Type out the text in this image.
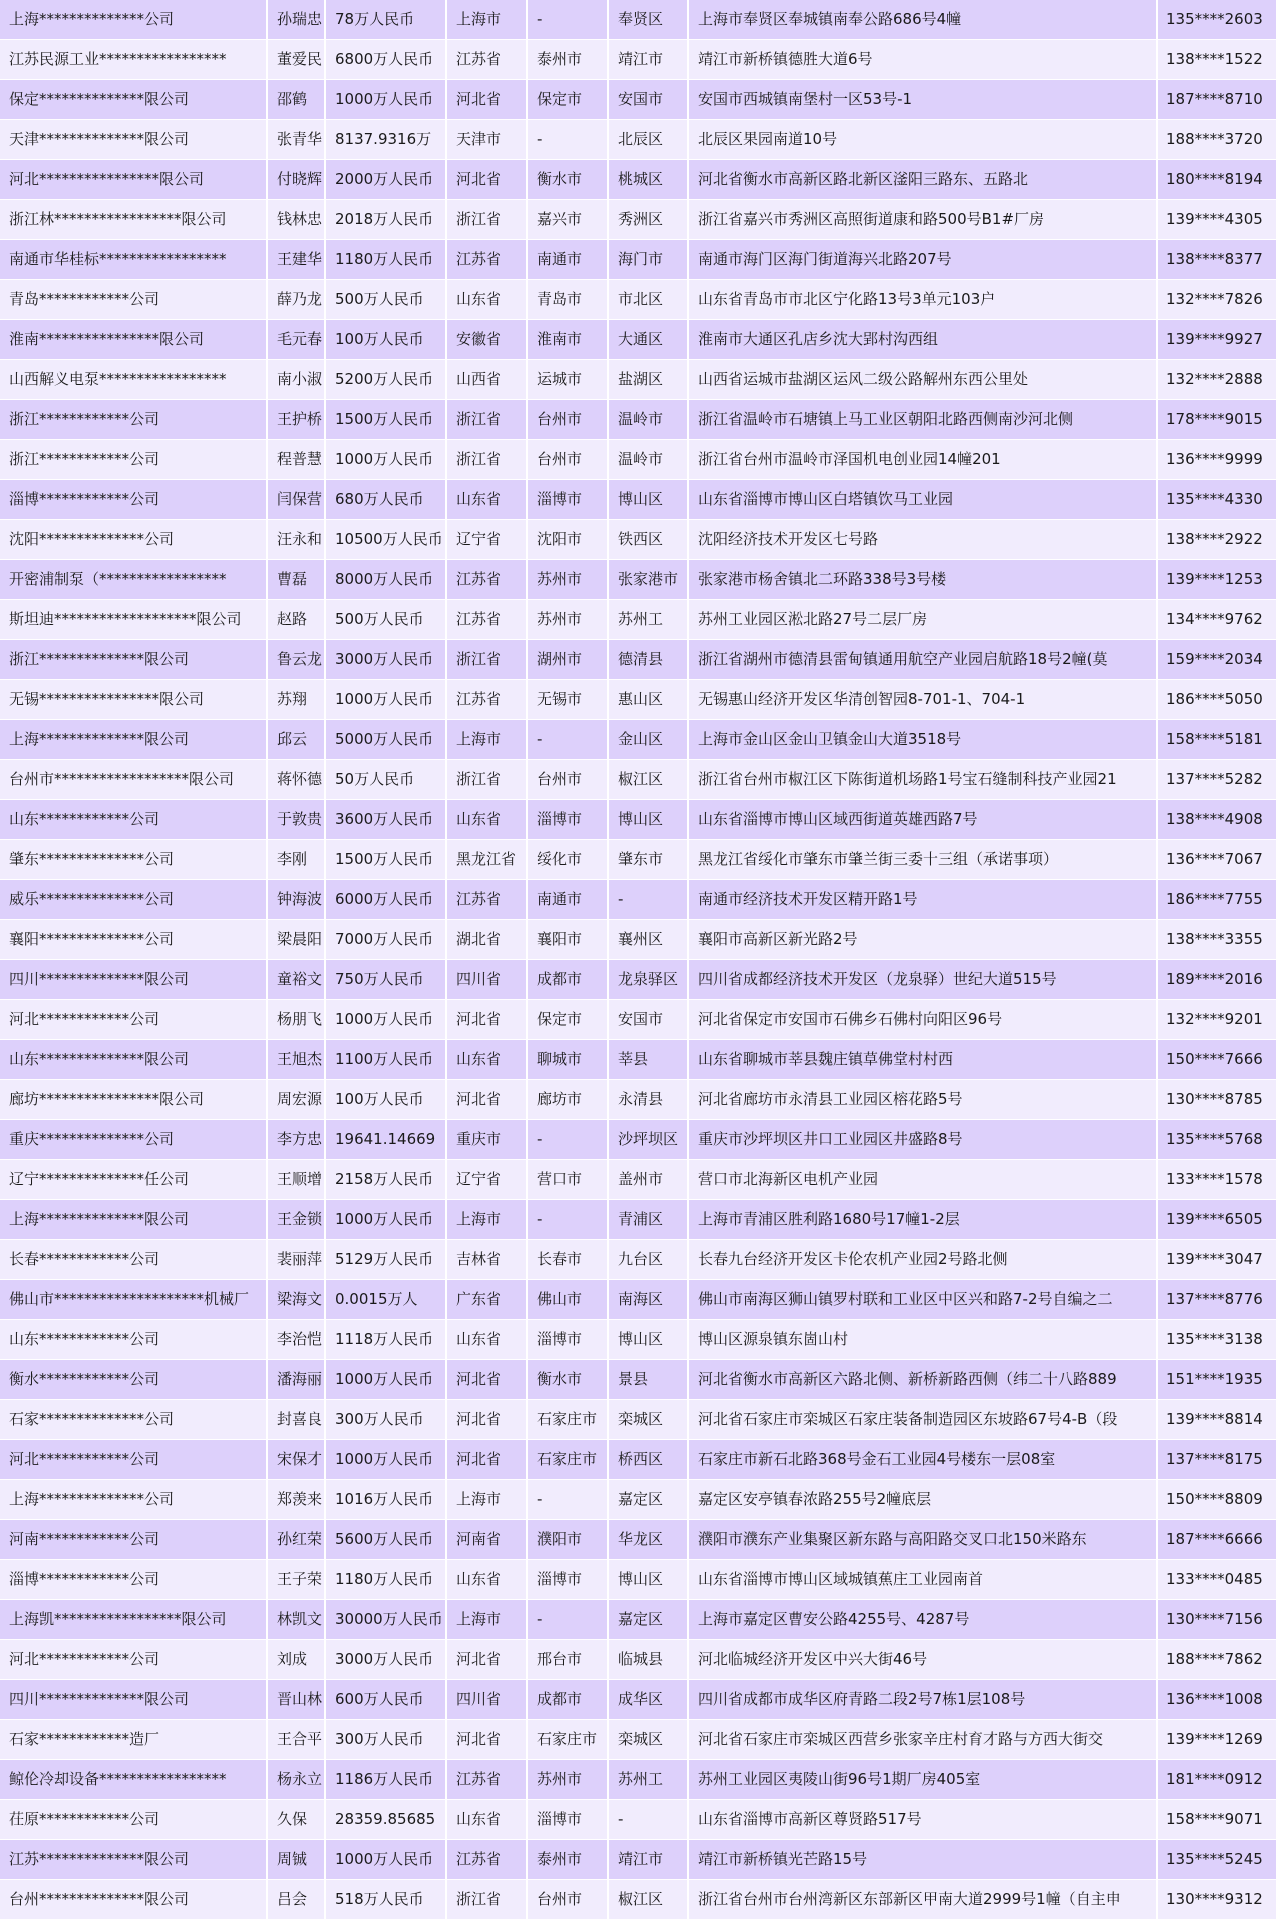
上海**************公司	孙瑞忠	78万人民币	上海市	-	奉贤区	上海市奉贤区奉城镇南奉公路686号4幢	135****2603
江苏民源工业*****************	董爱民	6800万人民币	江苏省	泰州市	靖江市	靖江市新桥镇德胜大道6号	138****1522
保定**************限公司	邵鹤	1000万人民币	河北省	保定市	安国市	安国市西城镇南堡村一区53号-1	187****8710
天津**************限公司	张青华	8137.9316万	天津市	-	北辰区	北辰区果园南道10号	188****3720
河北****************限公司	付晓辉	2000万人民币	河北省	衡水市	桃城区	河北省衡水市高新区路北新区滏阳三路东、五路北	180****8194
浙江林*****************限公司	钱林忠	2018万人民币	浙江省	嘉兴市	秀洲区	浙江省嘉兴市秀洲区高照街道康和路500号B1#厂房	139****4305
南通市华桂标*****************	王建华	1180万人民币	江苏省	南通市	海门市	南通市海门区海门街道海兴北路207号	138****8377
青岛************公司	薛乃龙	500万人民币	山东省	青岛市	市北区	山东省青岛市市北区宁化路13号3单元103户	132****7826
淮南****************限公司	毛元春	100万人民币	安徽省	淮南市	大通区	淮南市大通区孔店乡沈大郢村沟西组	139****9927
山西解义电泵*****************	南小淑	5200万人民币	山西省	运城市	盐湖区	山西省运城市盐湖区运风二级公路解州东西公里处	132****2888
浙江************公司	王护桥	1500万人民币	浙江省	台州市	温岭市	浙江省温岭市石塘镇上马工业区朝阳北路西侧南沙河北侧	178****9015
浙江************公司	程普慧	1000万人民币	浙江省	台州市	温岭市	浙江省台州市温岭市泽国机电创业园14幢201	136****9999
淄博************公司	闫保营	680万人民币	山东省	淄博市	博山区	山东省淄博市博山区白塔镇饮马工业园	135****4330
沈阳**************公司	汪永和	10500万人民币	辽宁省	沈阳市	铁西区	沈阳经济技术开发区七号路	138****2922
开密浦制泵（*****************	曹磊	8000万人民币	江苏省	苏州市	张家港市	张家港市杨舍镇北二环路338号3号楼	139****1253
斯坦迪*******************限公司	赵路	500万人民币	江苏省	苏州市	苏州工	苏州工业园区淞北路27号二层厂房	134****9762
浙江**************限公司	鲁云龙	3000万人民币	浙江省	湖州市	德清县	浙江省湖州市德清县雷甸镇通用航空产业园启航路18号2幢(莫	159****2034
无锡****************限公司	苏翔	1000万人民币	江苏省	无锡市	惠山区	无锡惠山经济开发区华清创智园8-701-1、704-1	186****5050
上海**************限公司	邱云	5000万人民币	上海市	-	金山区	上海市金山区金山卫镇金山大道3518号	158****5181
台州市******************限公司	蒋怀德	50万人民币	浙江省	台州市	椒江区	浙江省台州市椒江区下陈街道机场路1号宝石缝制科技产业园21	137****5282
山东************公司	于敦贵	3600万人民币	山东省	淄博市	博山区	山东省淄博市博山区域西街道英雄西路7号	138****4908
肇东**************公司	李刚	1500万人民币	黑龙江省	绥化市	肇东市	黑龙江省绥化市肇东市肇兰街三委十三组（承诺事项）	136****7067
威乐**************公司	钟海波	6000万人民币	江苏省	南通市	-	南通市经济技术开发区精开路1号	186****7755
襄阳**************公司	梁晨阳	7000万人民币	湖北省	襄阳市	襄州区	襄阳市高新区新光路2号	138****3355
四川**************限公司	童裕文	750万人民币	四川省	成都市	龙泉驿区	四川省成都经济技术开发区（龙泉驿）世纪大道515号	189****2016
河北************公司	杨朋飞	1000万人民币	河北省	保定市	安国市	河北省保定市安国市石佛乡石佛村向阳区96号	132****9201
山东**************限公司	王旭杰	1100万人民币	山东省	聊城市	莘县	山东省聊城市莘县魏庄镇草佛堂村村西	150****7666
廊坊****************限公司	周宏源	100万人民币	河北省	廊坊市	永清县	河北省廊坊市永清县工业园区榕花路5号	130****8785
重庆**************公司	李方忠	19641.14669	重庆市	-	沙坪坝区	重庆市沙坪坝区井口工业园区井盛路8号	135****5768
辽宁**************任公司	王顺增	2158万人民币	辽宁省	营口市	盖州市	营口市北海新区电机产业园	133****1578
上海**************限公司	王金锁	1000万人民币	上海市	-	青浦区	上海市青浦区胜利路1680号17幢1-2层	139****6505
长春************公司	裴丽萍	5129万人民币	吉林省	长春市	九台区	长春九台经济开发区卡伦农机产业园2号路北侧	139****3047
佛山市********************机械厂	梁海文	0.0015万人	广东省	佛山市	南海区	佛山市南海区狮山镇罗村联和工业区中区兴和路7-2号自编之二	137****8776
山东************公司	李治恺	1118万人民币	山东省	淄博市	博山区	博山区源泉镇东崮山村	135****3138
衡水************公司	潘海丽	1000万人民币	河北省	衡水市	景县	河北省衡水市高新区六路北侧、新桥新路西侧（纬二十八路889	151****1935
石家**************公司	封喜良	300万人民币	河北省	石家庄市	栾城区	河北省石家庄市栾城区石家庄装备制造园区东坡路67号4-B（段	139****8814
河北************公司	宋保才	1000万人民币	河北省	石家庄市	桥西区	石家庄市新石北路368号金石工业园4号楼东一层08室	137****8175
上海**************公司	郑羡来	1016万人民币	上海市	-	嘉定区	嘉定区安亭镇春浓路255号2幢底层	150****8809
河南************公司	孙红荣	5600万人民币	河南省	濮阳市	华龙区	濮阳市濮东产业集聚区新东路与高阳路交叉口北150米路东	187****6666
淄博************公司	王子荣	1180万人民币	山东省	淄博市	博山区	山东省淄博市博山区域城镇蕉庄工业园南首	133****0485
上海凯*****************限公司	林凯文	30000万人民币	上海市	-	嘉定区	上海市嘉定区曹安公路4255号、4287号	130****7156
河北************公司	刘成	3000万人民币	河北省	邢台市	临城县	河北临城经济开发区中兴大街46号	188****7862
四川**************限公司	晋山林	600万人民币	四川省	成都市	成华区	四川省成都市成华区府青路二段2号7栋1层108号	136****1008
石家************造厂	王合平	300万人民币	河北省	石家庄市	栾城区	河北省石家庄市栾城区西营乡张家辛庄村育才路与方西大街交	139****1269
鲸伦冷却设备*****************	杨永立	1186万人民币	江苏省	苏州市	苏州工	苏州工业园区夷陵山街96号1期厂房405室	181****0912
茌原************公司	久保	28359.85685	山东省	淄博市	-	山东省淄博市高新区尊贤路517号	158****9071
江苏**************限公司	周铖	1000万人民币	江苏省	泰州市	靖江市	靖江市新桥镇光芒路15号	135****5245
台州**************限公司	吕会	518万人民币	浙江省	台州市	椒江区	浙江省台州市台州湾新区东部新区甲南大道2999号1幢（自主申	130****9312
